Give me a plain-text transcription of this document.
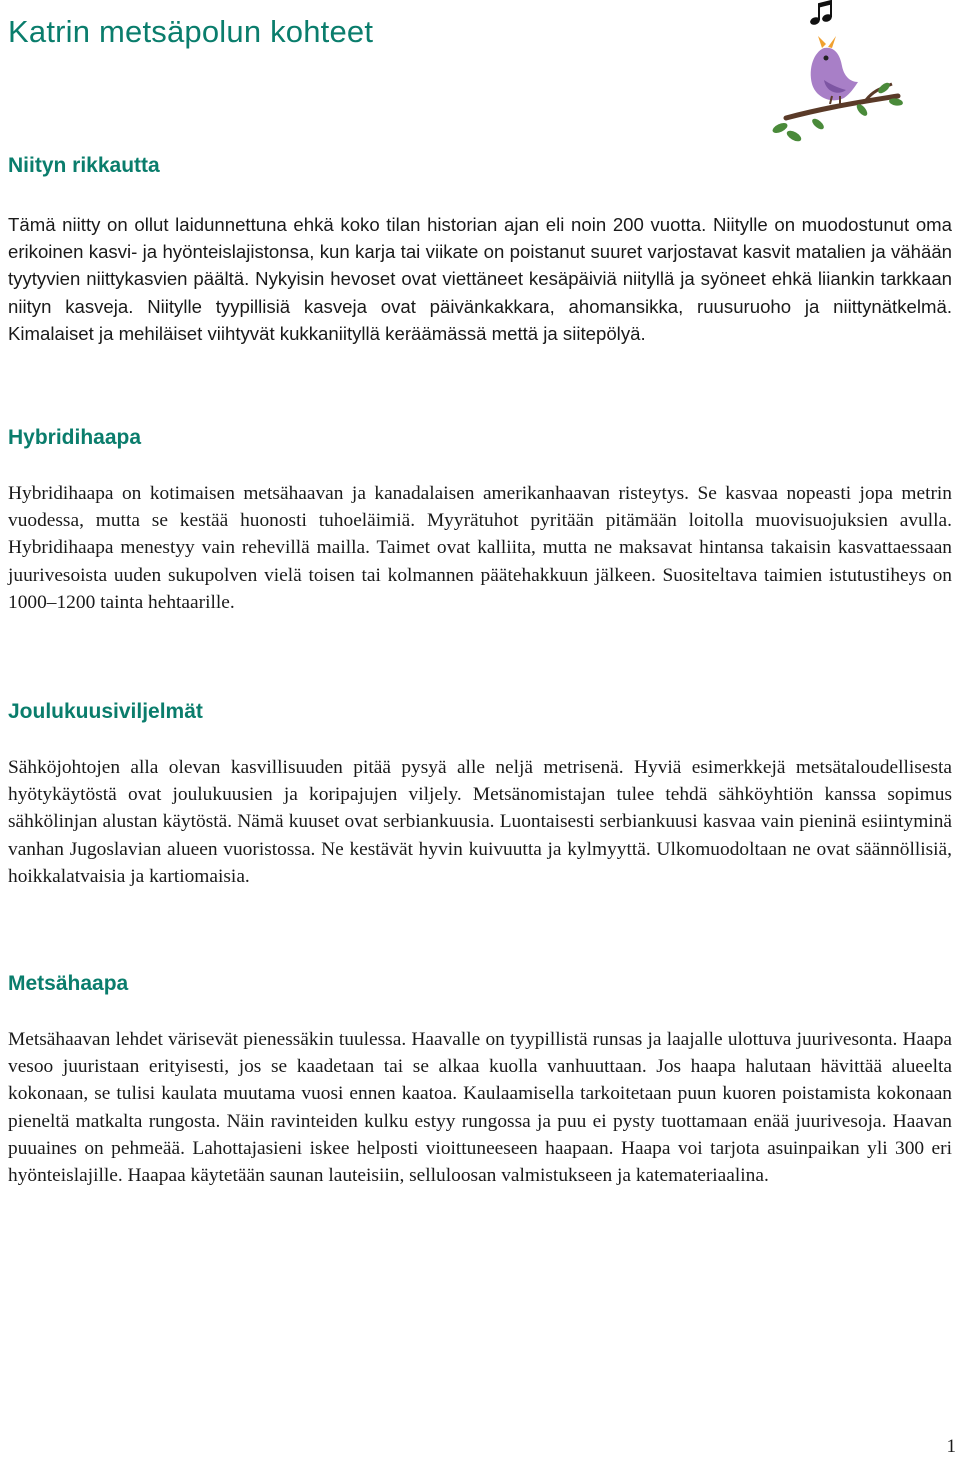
Katrin metsäpolun kohteet
Niityn rikkautta

Tämä niitty on ollut laidunnettuna ehkä koko tilan historian ajan eli noin 200 vuotta. Niitylle on muodostunut oma erikoinen kasvi- ja hyönteislajistonsa, kun karja tai viikate on poistanut suuret varjostavat kasvit matalien ja vähään tyytyvien niittykasvien päältä. Nykyisin hevoset ovat viettäneet kesäpäiviä niityllä ja syöneet ehkä liiankin tarkkaan niityn kasveja. Niitylle tyypillisiä kasveja ovat päivänkakkara, ahomansikka, ruusuruoho ja niittynätkelmä. Kimalaiset ja mehiläiset viihtyvät kukkaniityllä keräämässä mettä ja siitepölyä.

Hybridihaapa

Hybridihaapa on kotimaisen metsähaavan ja kanadalaisen amerikanhaavan risteytys. Se kasvaa nopeasti jopa metrin vuodessa, mutta se kestää huonosti tuhoeläimiä. Myyrätuhot pyritään pitämään loitolla muovisuojuksien avulla. Hybridihaapa menestyy vain rehevillä mailla. Taimet ovat kalliita, mutta ne maksavat hintansa takaisin kasvattaessaan juurivesoista uuden sukupolven vielä toisen tai kolmannen päätehakkuun jälkeen. Suositeltava taimien istutustiheys on 1000–1200 tainta hehtaarille.

Joulukuusiviljelmät

Sähköjohtojen alla olevan kasvillisuuden pitää pysyä alle neljä metrisenä. Hyviä esimerkkejä metsätaloudellisesta hyötykäytöstä ovat joulukuusien ja koripajujen viljely. Metsänomistajan tulee tehdä sähköyhtiön kanssa sopimus sähkölinjan alustan käytöstä. Nämä kuuset ovat serbiankuusia. Luontaisesti serbiankuusi kasvaa vain pieninä esiintyminä vanhan Jugoslavian alueen vuoristossa. Ne kestävät hyvin kuivuutta ja kylmyyttä. Ulkomuodoltaan ne ovat säännöllisiä, hoikkalatvaisia ja kartiomaisia.

Metsähaapa

Metsähaavan lehdet värisevät pienessäkin tuulessa. Haavalle on tyypillistä runsas ja laajalle ulottuva juurivesonta. Haapa vesoo juuristaan erityisesti, jos se kaadetaan tai se alkaa kuolla vanhuuttaan. Jos haapa halutaan hävittää alueelta kokonaan, se tulisi kaulata muutama vuosi ennen kaatoa. Kaulaamisella tarkoitetaan puun kuoren poistamista kokonaan pieneltä matkalta rungosta. Näin ravinteiden kulku estyy rungossa ja puu ei pysty tuottamaan enää juurivesoja. Haavan puuaines on pehmeää. Lahottajasieni iskee helposti vioittuneeseen haapaan. Haapa voi tarjota asuinpaikan yli 300 eri hyönteislajille. Haapaa käytetään saunan lauteisiin, selluloosan valmistukseen ja katemateriaalina.

1
